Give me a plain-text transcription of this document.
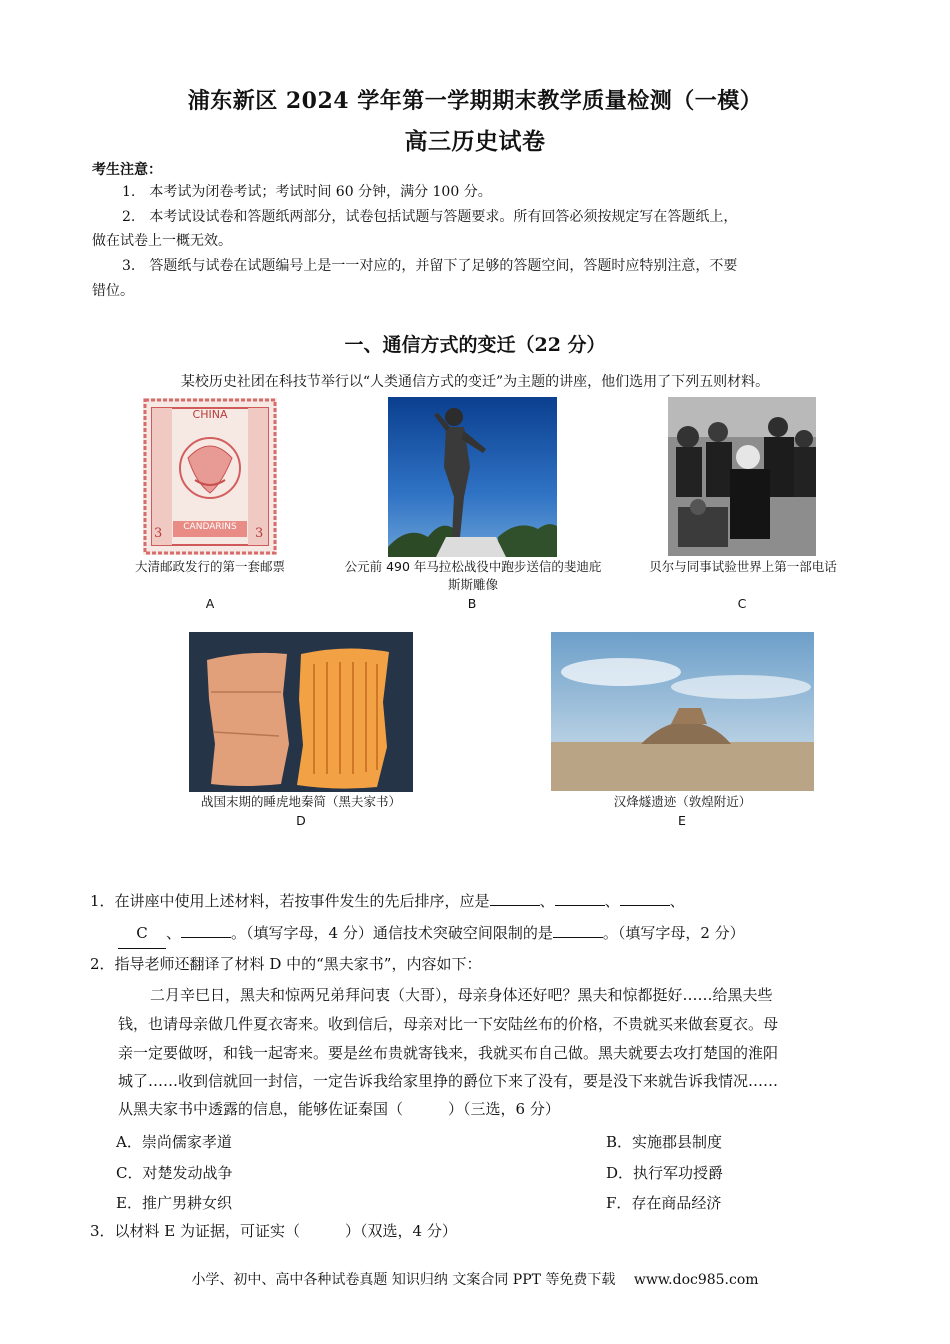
浦东新区 2024 学年第一学期期末教学质量检测（一模）
高三历史试卷
考生注意：
1.　本考试为闭卷考试；考试时间 60 分钟，满分 100 分。
2.　本考试设试卷和答题纸两部分，试卷包括试题与答题要求。所有回答必须按规定写在答题纸上，
做在试卷上一概无效。
3.　答题纸与试卷在试题编号上是一一对应的，并留下了足够的答题空间，答题时应特别注意，不要
错位。
一、通信方式的变迁（22 分）
某校历史社团在科技节举行以“人类通信方式的变迁”为主题的讲座，他们选用了下列五则材料。
CHINA
CANDARINS
3	3
大清邮政发行的第一套邮票
A
公元前 490 年马拉松战役中跑步送信的斐迪庇
斯斯雕像
B
贝尔与同事试验世界上第一部电话
C
战国末期的睡虎地秦简（黑夫家书）
D
汉烽燧遗迹（敦煌附近）
E
1．在讲座中使用上述材料，若按事件发生的先后排序，应是	、	、	、
C 、	。（填写字母，4 分）通信技术突破空间限制的是	。（填写字母，2 分）
2．指导老师还翻译了材料 D 中的“黑夫家书”，内容如下：
二月辛巳日，黑夫和惊两兄弟拜问衷（大哥），母亲身体还好吧？黑夫和惊都挺好……给黑夫些
钱，也请母亲做几件夏衣寄来。收到信后，母亲对比一下安陆丝布的价格，不贵就买来做套夏衣。母
亲一定要做呀，和钱一起寄来。要是丝布贵就寄钱来，我就买布自己做。黑夫就要去攻打楚国的淮阳
城了……收到信就回一封信，一定告诉我给家里挣的爵位下来了没有，要是没下来就告诉我情况……
从黑夫家书中透露的信息，能够佐证秦国（　　　）（三选，6 分）
A．崇尚儒家孝道	B．实施郡县制度
C．对楚发动战争	D．执行军功授爵
E．推广男耕女织	F．存在商品经济
3．以材料 E 为证据，可证实（　　　）（双选，4 分）
小学、初中、高中各种试卷真题 知识归纳 文案合同 PPT 等免费下载　 www.doc985.com
